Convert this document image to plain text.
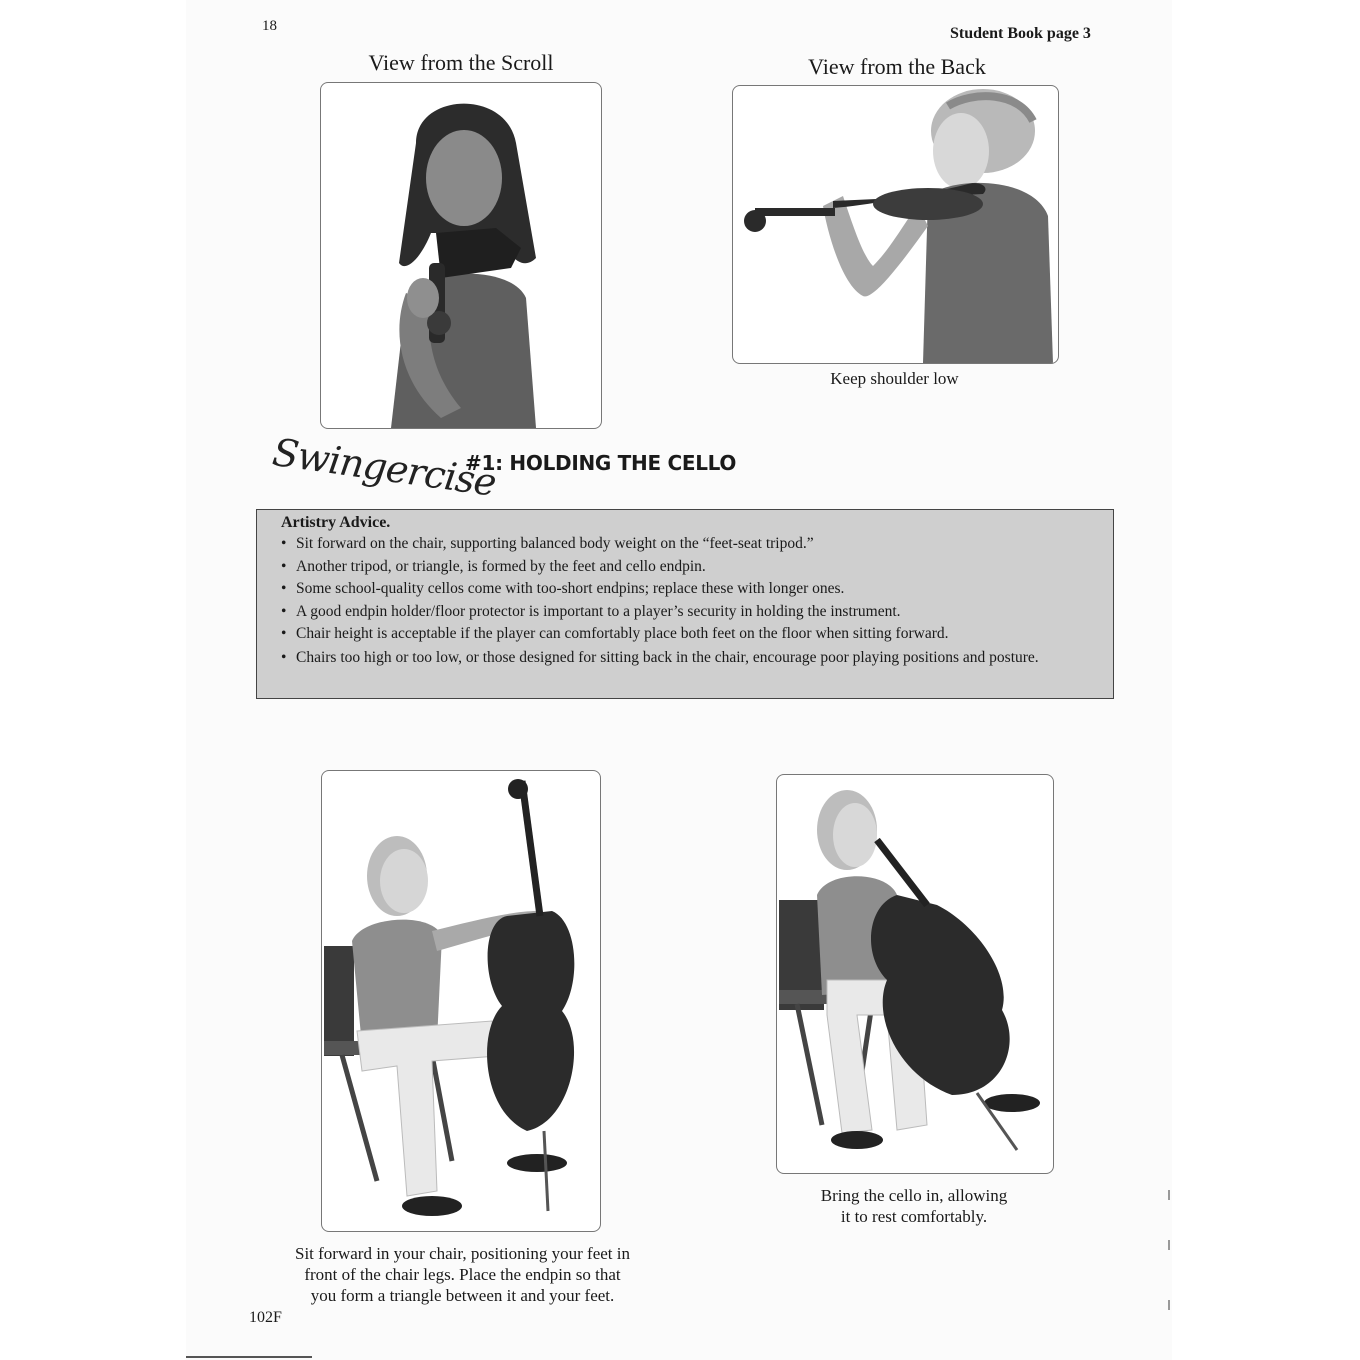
18	Student Book page 3
View from the Scroll	View from the Back
Keep shoulder low
Swingercise
#1: HOLDING THE CELLO
Artistry Advice.
• Sit forward on the chair, supporting balanced body weight on the “feet-seat tripod.”
• Another tripod, or triangle, is formed by the feet and cello endpin.
• Some school-quality cellos come with too-short endpins; replace these with longer ones.
• A good endpin holder/floor protector is important to a player’s security in holding the instrument.
• Chair height is acceptable if the player can comfortably place both feet on the floor when sitting forward.
• Chairs too high or too low, or those designed for sitting back in the chair, encourage poor playing positions and posture.
Sit forward in your chair, positioning your feet in
front of the chair legs. Place the endpin so that
you form a triangle between it and your feet.
Bring the cello in, allowing
it to rest comfortably.
102F
